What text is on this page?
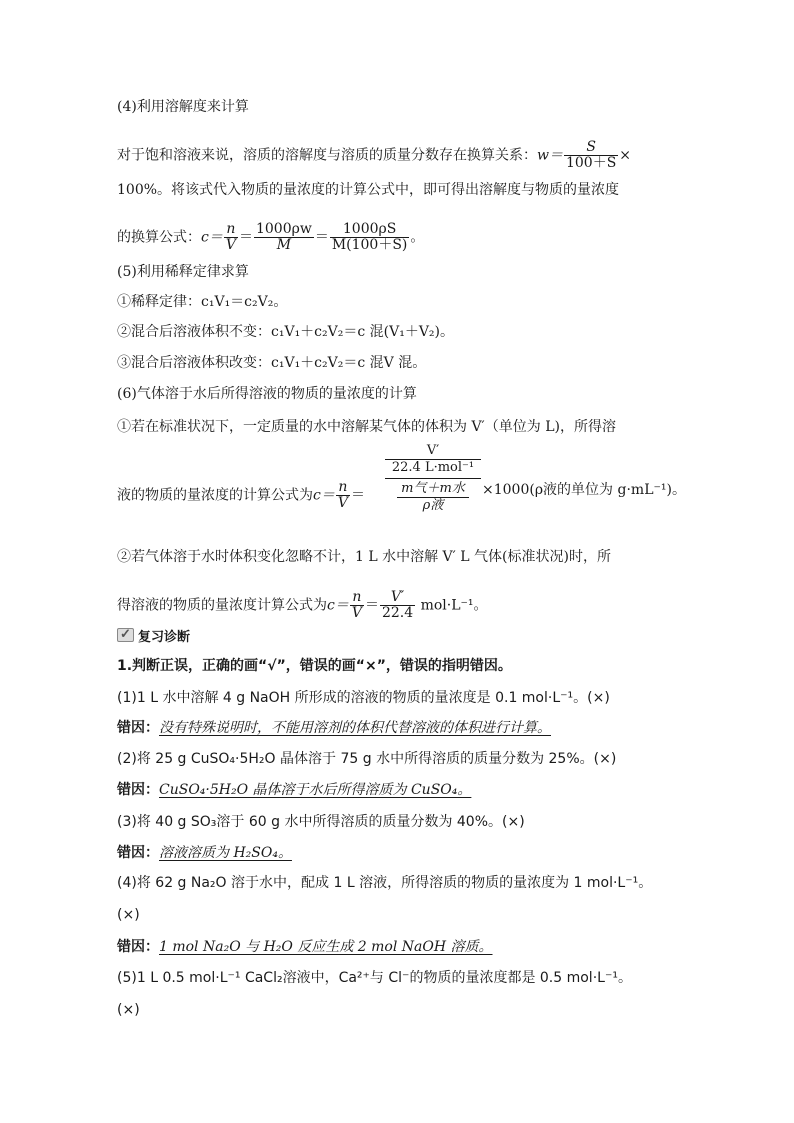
(4)利用溶解度来计算
对于饱和溶液来说，溶质的溶解度与溶质的质量分数存在换算关系：$w= \frac{S}{100+S}$ ×
100%。将该式代入物质的量浓度的计算公式中，即可得出溶解度与物质的量浓度
的换算公式：$c= \frac{n}{V} = \frac{1000\rho w}{M} = \frac{1000\rho S}{M(100+S)}$ 。
(5)利用稀释定律求算
①稀释定律：c₁V₁＝c₂V₂。
②混合后溶液体积不变：c₁V₁＋c₂V₂＝c 混(V₁＋V₂)。
③混合后溶液体积改变：c₁V₁＋c₂V₂＝c 混V 混。
(6)气体溶于水后所得溶液的物质的量浓度的计算
①若在标准状况下，一定质量的水中溶解某气体的体积为 V′（单位为 L)，所得溶
液的物质的量浓度的计算公式为$c= \frac{n}{V}$ ＝
V′
22.4 L·mol⁻¹
m气＋m水
ρ液
×1000(ρ液的单位为 g·mL⁻¹)。
②若气体溶于水时体积变化忽略不计，1 L 水中溶解 V′ L 气体(标准状况)时，所
得溶液的物质的量浓度计算公式为$c= \frac{n}{V} = \frac{V'}{22.4} mol\cdot L^{-1}$。
✓复习诊断
1.判断正误，正确的画“√”，错误的画“×”，错误的指明错因。
(1)1 L 水中溶解 4 g NaOH 所形成的溶液的物质的量浓度是 0.1 mol·L⁻¹。(×)
错因：没有特殊说明时，不能用溶剂的体积代替溶液的体积进行计算。
(2)将 25 g CuSO₄·5H₂O 晶体溶于 75 g 水中所得溶质的质量分数为 25%。(×)
错因：CuSO₄·5H₂O 晶体溶于水后所得溶质为 CuSO₄。
(3)将 40 g SO₃溶于 60 g 水中所得溶质的质量分数为 40%。(×)
错因：溶液溶质为 H₂SO₄。
(4)将 62 g Na₂O 溶于水中，配成 1 L 溶液，所得溶质的物质的量浓度为 1 mol·L⁻¹。
(×)
错因：1 mol Na₂O 与 H₂O 反应生成 2 mol NaOH 溶质。
(5)1 L 0.5 mol·L⁻¹ CaCl₂溶液中，Ca²⁺与 Cl⁻的物质的量浓度都是 0.5 mol·L⁻¹。
(×)
